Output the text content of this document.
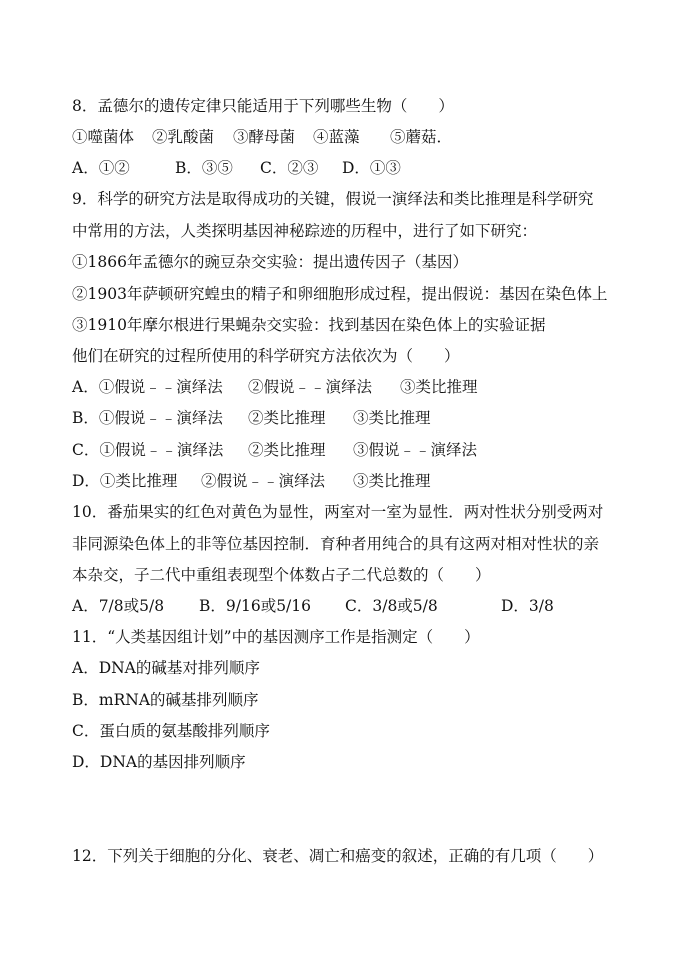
8．孟德尔的遗传定律只能适用于下列哪些生物（　　）
①噬菌体	②乳酸菌	③酵母菌	④蓝藻	⑤蘑菇．
A．①②	B．③⑤	C．②③	D．①③
9．科学的研究方法是取得成功的关键，假说一演绎法和类比推理是科学研究
中常用的方法，人类探明基因神秘踪迹的历程中，进行了如下研究：
①1866年孟德尔的豌豆杂交实验：提出遗传因子（基因）
②1903年萨顿研究蝗虫的精子和卵细胞形成过程，提出假说：基因在染色体上
③1910年摩尔根进行果蝇杂交实验：找到基因在染色体上的实验证据
他们在研究的过程所使用的科学研究方法依次为（　　）
A．①假说﹣﹣演绎法	②假说﹣﹣演绎法	③类比推理
B．①假说﹣﹣演绎法	②类比推理	③类比推理
C．①假说﹣﹣演绎法	②类比推理	③假说﹣﹣演绎法
D．①类比推理	②假说﹣﹣演绎法	③类比推理
10．番茄果实的红色对黄色为显性，两室对一室为显性．两对性状分别受两对
非同源染色体上的非等位基因控制．育种者用纯合的具有这两对相对性状的亲
本杂交，子二代中重组表现型个体数占子二代总数的（　　）
A．7/8或5/8	B．9/16或5/16	C．3/8或5/8	D．3/8
11．“人类基因组计划”中的基因测序工作是指测定（　　）
A．DNA的碱基对排列顺序
B．mRNA的碱基排列顺序
C．蛋白质的氨基酸排列顺序
D．DNA的基因排列顺序
12．下列关于细胞的分化、衰老、凋亡和癌变的叙述，正确的有几项（　　）
